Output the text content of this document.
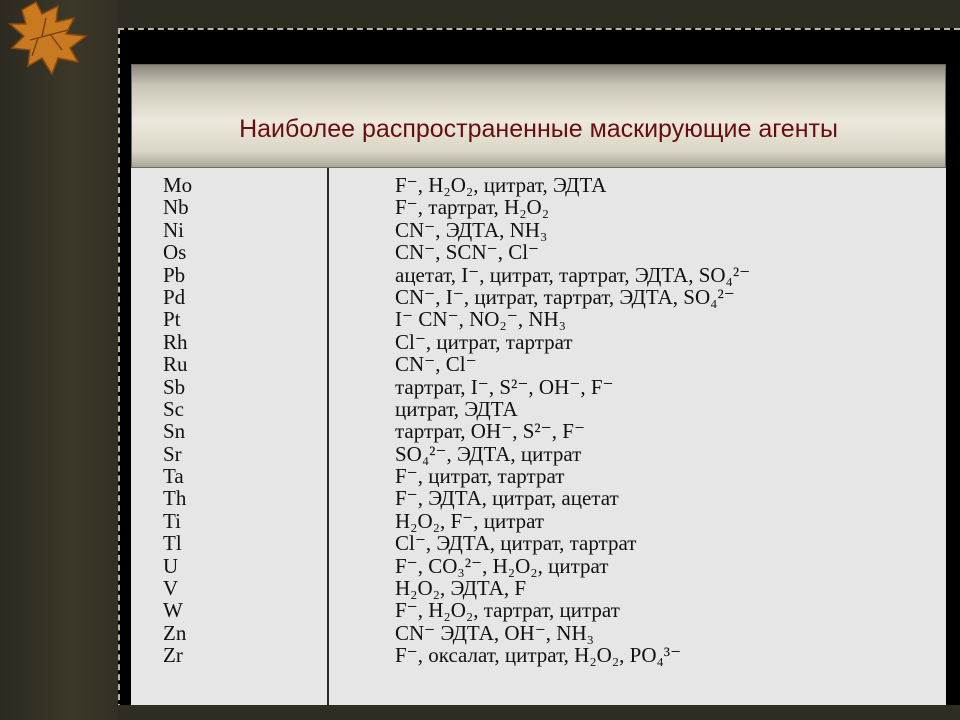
Наиболее распространенные маскирующие агенты
Mo	F⁻, H₂O₂, цитрат, ЭДТА
Nb	F⁻, тартрат, H₂O₂
Ni	CN⁻, ЭДТА, NH₃
Os	CN⁻, SCN⁻, Cl⁻
Pb	ацетат, I⁻, цитрат, тартрат, ЭДТА, SO₄²⁻
Pd	CN⁻, I⁻, цитрат, тартрат, ЭДТА, SO₄²⁻
Pt	I⁻ CN⁻, NO₂⁻, NH₃
Rh	Cl⁻, цитрат, тартрат
Ru	CN⁻, Cl⁻
Sb	тартрат, I⁻, S²⁻, OH⁻, F⁻
Sc	цитрат, ЭДТА
Sn	тартрат, OH⁻, S²⁻, F⁻
Sr	SO₄²⁻, ЭДТА, цитрат
Ta	F⁻, цитрат, тартрат
Th	F⁻, ЭДТА, цитрат, ацетат
Ti	H₂O₂, F⁻, цитрат
Tl	Cl⁻, ЭДТА, цитрат, тартрат
U	F⁻, CO₃²⁻, H₂O₂, цитрат
V	H₂O₂, ЭДТА, F
W	F⁻, H₂O₂, тартрат, цитрат
Zn	CN⁻ ЭДТА, OH⁻, NH₃
Zr	F⁻, оксалат, цитрат, H₂O₂, PO₄³⁻
